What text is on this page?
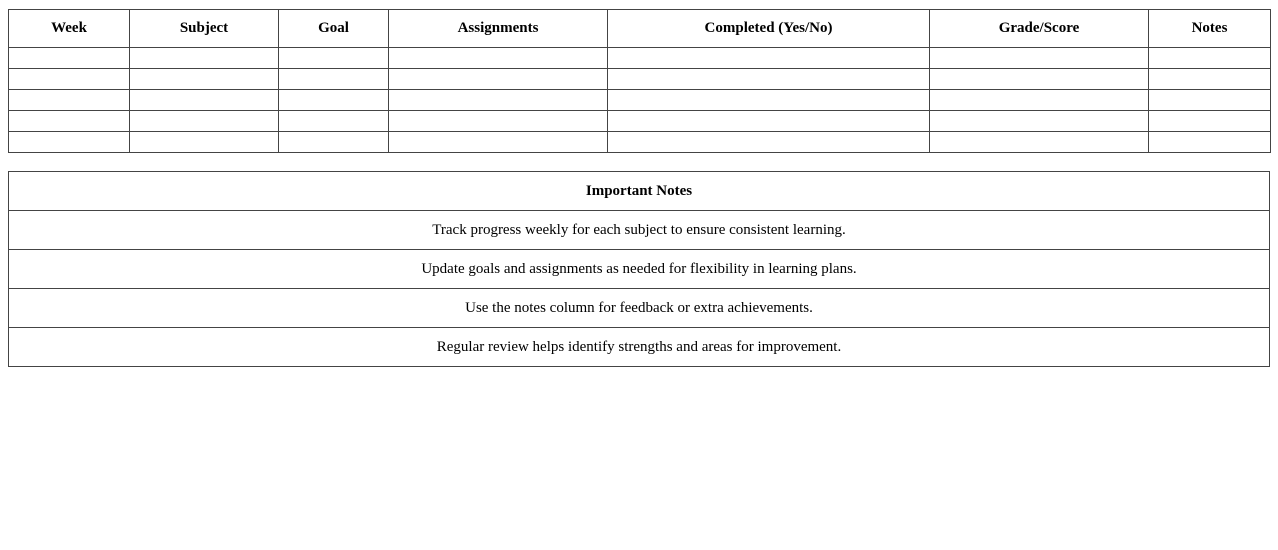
Week	Subject	Goal	Assignments	Completed (Yes/No)	Grade/Score	Notes

Important Notes
Track progress weekly for each subject to ensure consistent learning.
Update goals and assignments as needed for flexibility in learning plans.
Use the notes column for feedback or extra achievements.
Regular review helps identify strengths and areas for improvement.
